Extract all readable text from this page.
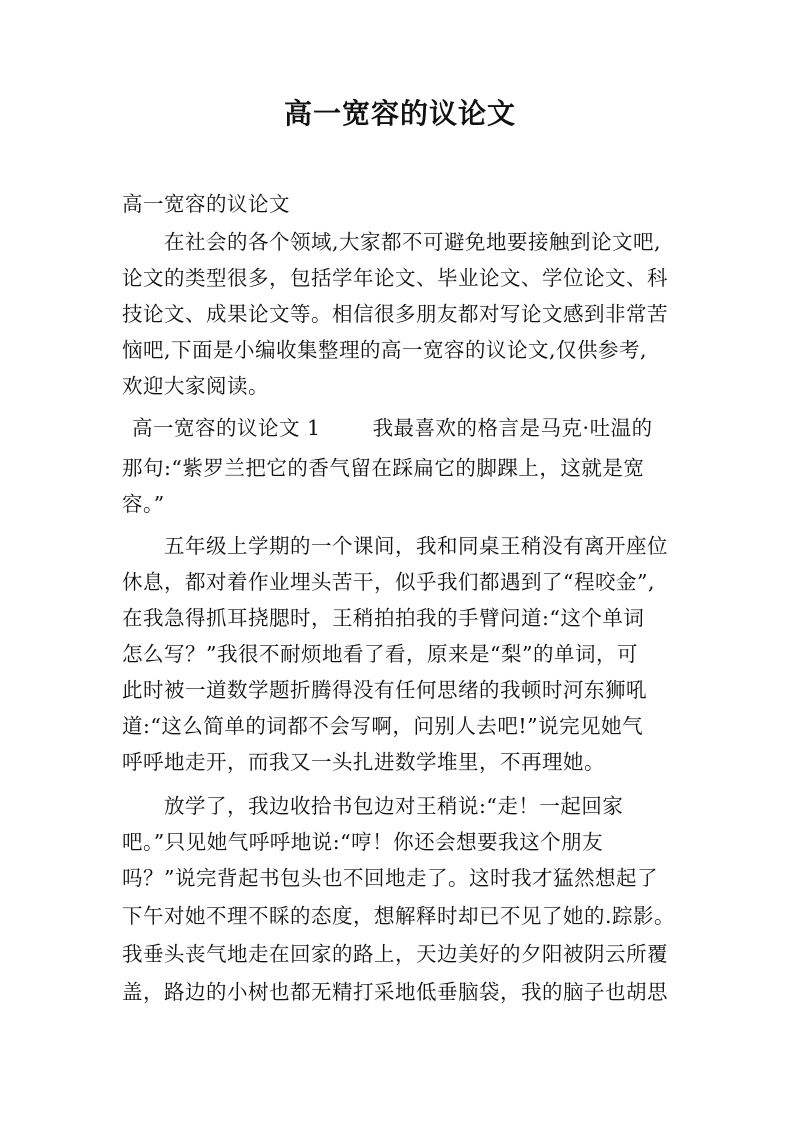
高一宽容的议论文
高一宽容的议论文
在社会的各个领域,大家都不可避免地要接触到论文吧,
论文的类型很多，包括学年论文、毕业论文、学位论文、科
技论文、成果论文等。相信很多朋友都对写论文感到非常苦
恼吧,下面是小编收集整理的高一宽容的议论文,仅供参考,
欢迎大家阅读。
高一宽容的议论文 1	我最喜欢的格言是马克·吐温的
那句:“紫罗兰把它的香气留在踩扁它的脚踝上，这就是宽
容。”
五年级上学期的一个课间，我和同桌王稍没有离开座位
休息，都对着作业埋头苦干，似乎我们都遇到了“程咬金”,
在我急得抓耳挠腮时，王稍拍拍我的手臂问道:“这个单词
怎么写？”我很不耐烦地看了看，原来是“梨”的单词，可
此时被一道数学题折腾得没有任何思绪的我顿时河东狮吼
道:“这么简单的词都不会写啊，问别人去吧!”说完见她气
呼呼地走开，而我又一头扎进数学堆里，不再理她。
放学了，我边收拾书包边对王稍说:“走！一起回家
吧。”只见她气呼呼地说:“哼！你还会想要我这个朋友
吗？”说完背起书包头也不回地走了。这时我才猛然想起了
下午对她不理不睬的态度，想解释时却已不见了她的.踪影。
我垂头丧气地走在回家的路上，天边美好的夕阳被阴云所覆
盖，路边的小树也都无精打采地低垂脑袋，我的脑子也胡思
